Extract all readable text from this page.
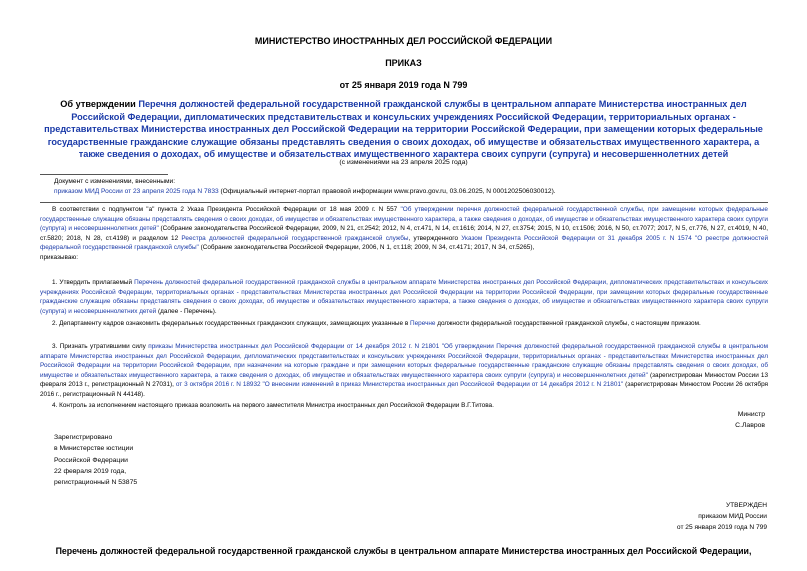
МИНИСТЕРСТВО ИНОСТРАННЫХ ДЕЛ РОССИЙСКОЙ ФЕДЕРАЦИИ
ПРИКАЗ
от 25 января 2019 года N 799
Об утверждении Перечня должностей федеральной государственной гражданской службы в центральном аппарате Министерства иностранных дел Российской Федерации, дипломатических представительствах и консульских учреждениях Российской Федерации, территориальных органах - представительствах Министерства иностранных дел Российской Федерации на территории Российской Федерации, при замещении которых федеральные государственные гражданские служащие обязаны представлять сведения о своих доходах, об имуществе и обязательствах имущественного характера, а также сведения о доходах, об имуществе и обязательствах имущественного характера своих супруги (супруга) и несовершеннолетних детей
(с изменениями на 23 апреля 2025 года)
Документ с изменениями, внесенными:
приказом МИД России от 23 апреля 2025 года N 7833 (Официальный интернет-портал правовой информации www.pravo.gov.ru, 03.06.2025, N 0001202506030012).

В соответствии с подпунктом "а" пункта 2 Указа Президента Российской Федерации от 18 мая 2009 г. N 557 "Об утверждении перечня должностей федеральной государственной службы, при замещении которых федеральные государственные служащие обязаны представлять сведения о своих доходах, об имуществе и обязательствах имущественного характера, а также сведения о доходах, об имуществе и обязательствах имущественного характера своих супруги (супруга) и несовершеннолетних детей" (Собрание законодательства Российской Федерации, 2009, N 21, ст.2542; 2012, N 4, ст.471, N 14, ст.1616; 2014, N 27, ст.3754; 2015, N 10, ст.1506; 2016, N 50, ст.7077; 2017, N 5, ст.776, N 27, ст.4019, N 40, ст.5820; 2018, N 28, ст.4198) и разделом 12 Реестра должностей федеральной государственной гражданской службы, утвержденного Указом Президента Российской Федерации от 31 декабря 2005 г. N 1574 "О реестре должностей федеральной государственной гражданской службы" (Собрание законодательства Российской Федерации, 2006, N 1, ст.118; 2009, N 34, ст.4171; 2017, N 34, ст.5265),

приказываю:

1. Утвердить прилагаемый Перечень должностей федеральной государственной гражданской службы в центральном аппарате Министерства иностранных дел Российской Федерации, дипломатических представительствах и консульских учреждениях Российской Федерации, территориальных органах - представительствах Министерства иностранных дел Российской Федерации на территории Российской Федерации, при замещении которых федеральные государственные гражданские служащие обязаны представлять сведения о своих доходах, об имуществе и обязательствах имущественного характера, а также сведения о доходах, об имуществе и обязательствах имущественного характера своих супруги (супруга) и несовершеннолетних детей (далее - Перечень).

2. Департаменту кадров ознакомить федеральных государственных гражданских служащих, замещающих указанные в Перечне должности федеральной государственной гражданской службы, с настоящим приказом.

3. Признать утратившими силу приказы Министерства иностранных дел Российской Федерации от 14 декабря 2012 г. N 21801 "Об утверждении Перечня должностей федеральной государственной гражданской службы в центральном аппарате Министерства иностранных дел Российской Федерации, дипломатических представительствах и консульских учреждениях Российской Федерации, территориальных органах - представительствах Министерства иностранных дел Российской Федерации на территории Российской Федерации, при назначении на которые граждане и при замещении которых федеральные государственные гражданские служащие обязаны представлять сведения о своих доходах, об имуществе и обязательствах имущественного характера, а также сведения о доходах, об имуществе и обязательствах имущественного характера своих супруги (супруга) и несовершеннолетних детей" (зарегистрирован Минюстом России 13 февраля 2013 г., регистрационный N 27031), от 3 октября 2016 г. N 18932 "О внесении изменений в приказ Министерства иностранных дел Российской Федерации от 14 декабря 2012 г. N 21801" (зарегистрирован Минюстом России 26 октября 2016 г., регистрационный N 44148).

4. Контроль за исполнением настоящего приказа возложить на первого заместителя Министра иностранных дел Российской Федерации В.Г.Титова.

Министр
С.Лавров
Зарегистрировано
в Министерстве юстиции
Российской Федерации
22 февраля 2019 года,
регистрационный N 53875
УТВЕРЖДЕН
приказом МИД России
от 25 января 2019 года N 799
Перечень должностей федеральной государственной гражданской службы в центральном аппарате Министерства иностранных дел Российской Федерации,
